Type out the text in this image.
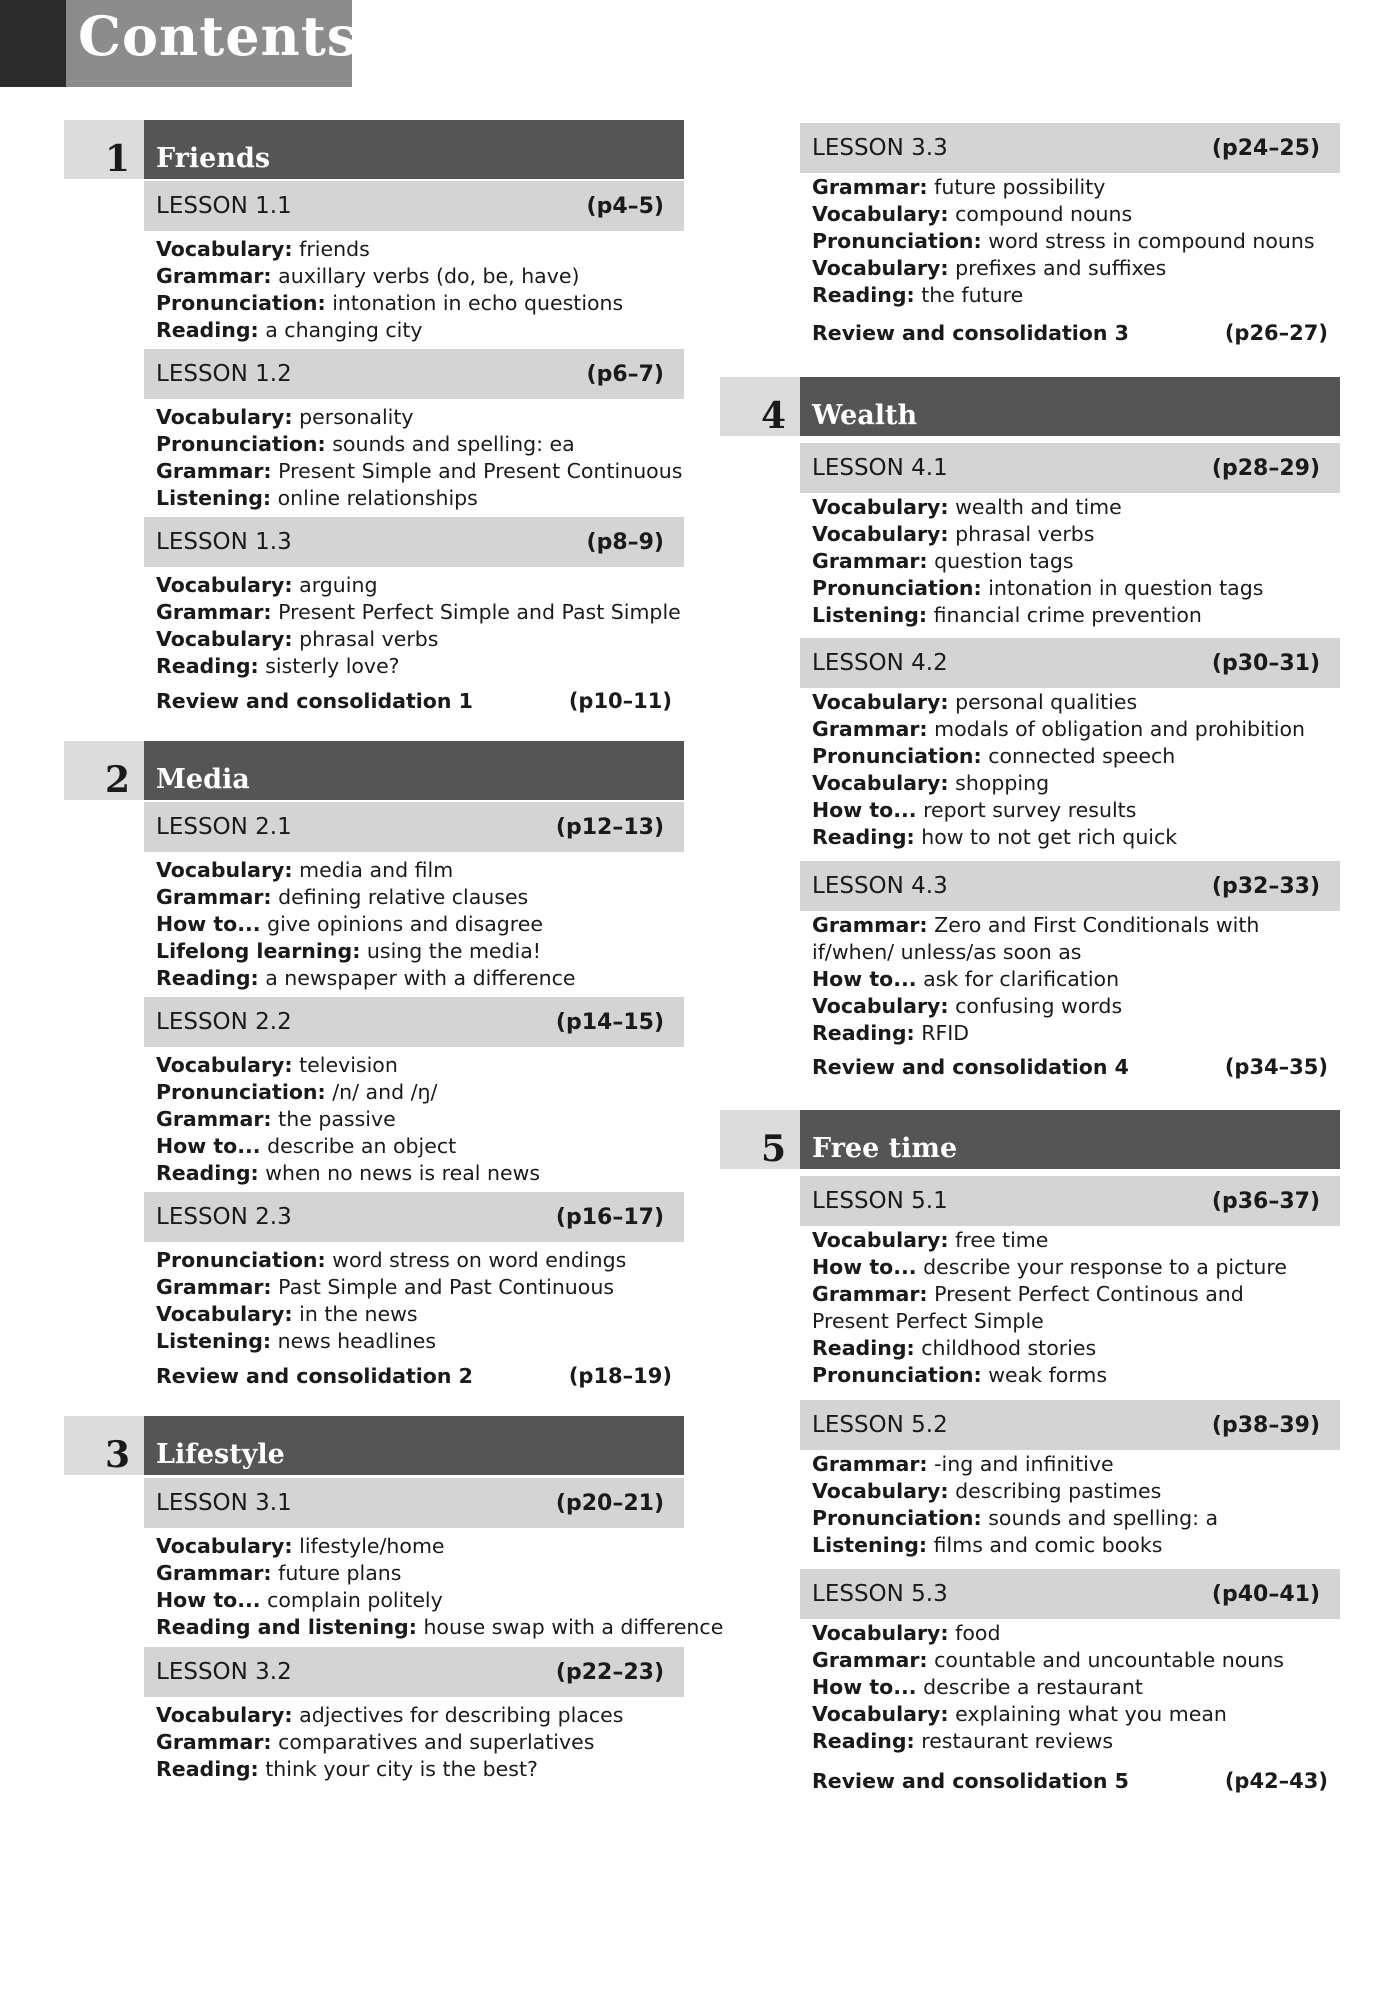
Contents
1 Friends
LESSON 1.1	(p4–5)
Vocabulary: friends
Grammar: auxillary verbs (do, be, have)
Pronunciation: intonation in echo questions
Reading: a changing city
LESSON 1.2	(p6–7)
Vocabulary: personality
Pronunciation: sounds and spelling: ea
Grammar: Present Simple and Present Continuous
Listening: online relationships
LESSON 1.3	(p8–9)
Vocabulary: arguing
Grammar: Present Perfect Simple and Past Simple
Vocabulary: phrasal verbs
Reading: sisterly love?
Review and consolidation 1	(p10–11)
2 Media
LESSON 2.1	(p12–13)
Vocabulary: media and film
Grammar: defining relative clauses
How to... give opinions and disagree
Lifelong learning: using the media!
Reading: a newspaper with a difference
LESSON 2.2	(p14–15)
Vocabulary: television
Pronunciation: /n/ and /ŋ/
Grammar: the passive
How to... describe an object
Reading: when no news is real news
LESSON 2.3	(p16–17)
Pronunciation: word stress on word endings
Grammar: Past Simple and Past Continuous
Vocabulary: in the news
Listening: news headlines
Review and consolidation 2	(p18–19)
3 Lifestyle
LESSON 3.1	(p20–21)
Vocabulary: lifestyle/home
Grammar: future plans
How to... complain politely
Reading and listening: house swap with a difference
LESSON 3.2	(p22–23)
Vocabulary: adjectives for describing places
Grammar: comparatives and superlatives
Reading: think your city is the best?
LESSON 3.3	(p24–25)
Grammar: future possibility
Vocabulary: compound nouns
Pronunciation: word stress in compound nouns
Vocabulary: prefixes and suffixes
Reading: the future
Review and consolidation 3	(p26–27)
4 Wealth
LESSON 4.1	(p28–29)
Vocabulary: wealth and time
Vocabulary: phrasal verbs
Grammar: question tags
Pronunciation: intonation in question tags
Listening: financial crime prevention
LESSON 4.2	(p30–31)
Vocabulary: personal qualities
Grammar: modals of obligation and prohibition
Pronunciation: connected speech
Vocabulary: shopping
How to... report survey results
Reading: how to not get rich quick
LESSON 4.3	(p32–33)
Grammar: Zero and First Conditionals with if/when/ unless/as soon as
How to... ask for clarification
Vocabulary: confusing words
Reading: RFID
Review and consolidation 4	(p34–35)
5 Free time
LESSON 5.1	(p36–37)
Vocabulary: free time
How to... describe your response to a picture
Grammar: Present Perfect Continous and Present Perfect Simple
Reading: childhood stories
Pronunciation: weak forms
LESSON 5.2	(p38–39)
Grammar: -ing and infinitive
Vocabulary: describing pastimes
Pronunciation: sounds and spelling: a
Listening: films and comic books
LESSON 5.3	(p40–41)
Vocabulary: food
Grammar: countable and uncountable nouns
How to... describe a restaurant
Vocabulary: explaining what you mean
Reading: restaurant reviews
Review and consolidation 5	(p42–43)
